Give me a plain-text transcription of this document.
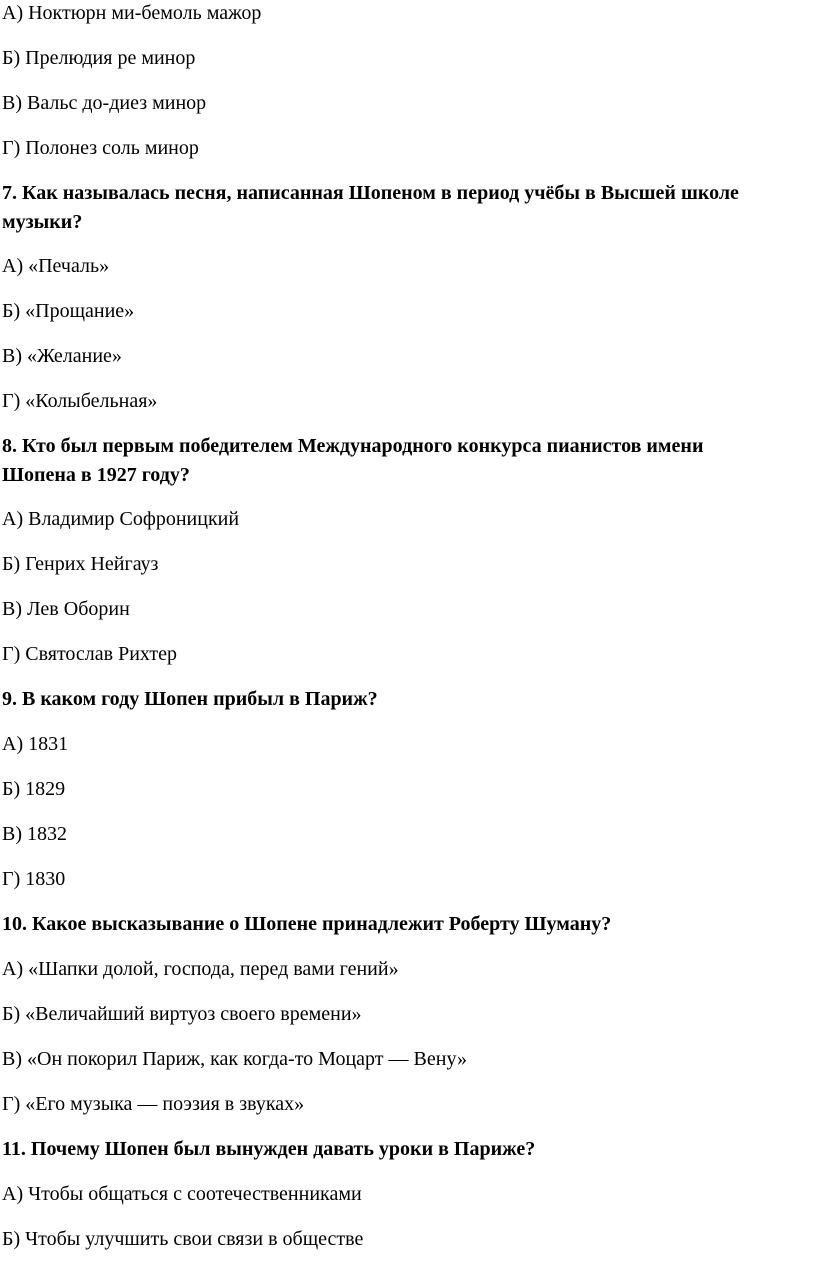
А) Ноктюрн ми-бемоль мажор

Б) Прелюдия ре минор

В) Вальс до-диез минор

Г) Полонез соль минор

7. Как называлась песня, написанная Шопеном в период учёбы в Высшей школе

музыки?

А) «Печаль»

Б) «Прощание»

В) «Желание»

Г) «Колыбельная»

8. Кто был первым победителем Международного конкурса пианистов имени

Шопена в 1927 году?

А) Владимир Софроницкий

Б) Генрих Нейгауз

В) Лев Оборин

Г) Святослав Рихтер

9. В каком году Шопен прибыл в Париж?

А) 1831

Б) 1829

В) 1832

Г) 1830

10. Какое высказывание о Шопене принадлежит Роберту Шуману?

А) «Шапки долой, господа, перед вами гений»

Б) «Величайший виртуоз своего времени»

В) «Он покорил Париж, как когда-то Моцарт — Вену»

Г) «Его музыка — поэзия в звуках»

11. Почему Шопен был вынужден давать уроки в Париже?

А) Чтобы общаться с соотечественниками

Б) Чтобы улучшить свои связи в обществе
